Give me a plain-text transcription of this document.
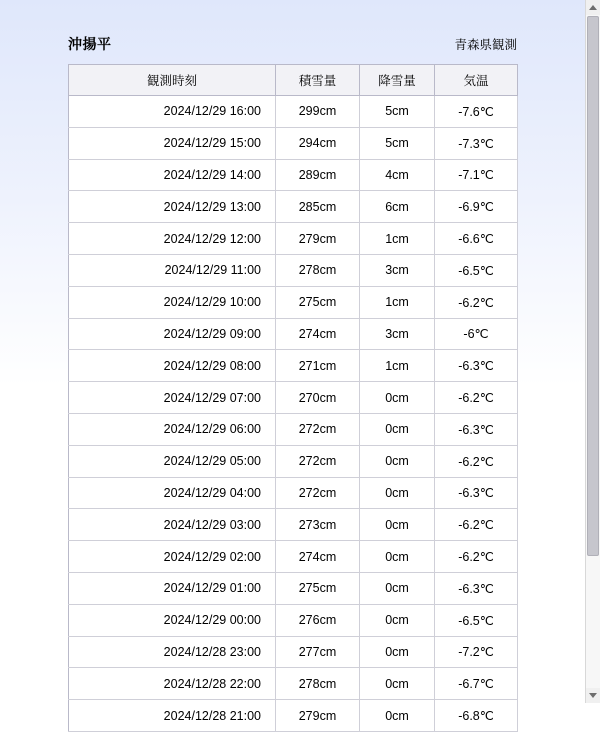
沖揚平	青森県観測
観測時刻	積雪量	降雪量	気温
2024/12/29 16:00	299cm	5cm	-7.6℃
2024/12/29 15:00	294cm	5cm	-7.3℃
2024/12/29 14:00	289cm	4cm	-7.1℃
2024/12/29 13:00	285cm	6cm	-6.9℃
2024/12/29 12:00	279cm	1cm	-6.6℃
2024/12/29 11:00	278cm	3cm	-6.5℃
2024/12/29 10:00	275cm	1cm	-6.2℃
2024/12/29 09:00	274cm	3cm	-6℃
2024/12/29 08:00	271cm	1cm	-6.3℃
2024/12/29 07:00	270cm	0cm	-6.2℃
2024/12/29 06:00	272cm	0cm	-6.3℃
2024/12/29 05:00	272cm	0cm	-6.2℃
2024/12/29 04:00	272cm	0cm	-6.3℃
2024/12/29 03:00	273cm	0cm	-6.2℃
2024/12/29 02:00	274cm	0cm	-6.2℃
2024/12/29 01:00	275cm	0cm	-6.3℃
2024/12/29 00:00	276cm	0cm	-6.5℃
2024/12/28 23:00	277cm	0cm	-7.2℃
2024/12/28 22:00	278cm	0cm	-6.7℃
2024/12/28 21:00	279cm	0cm	-6.8℃
